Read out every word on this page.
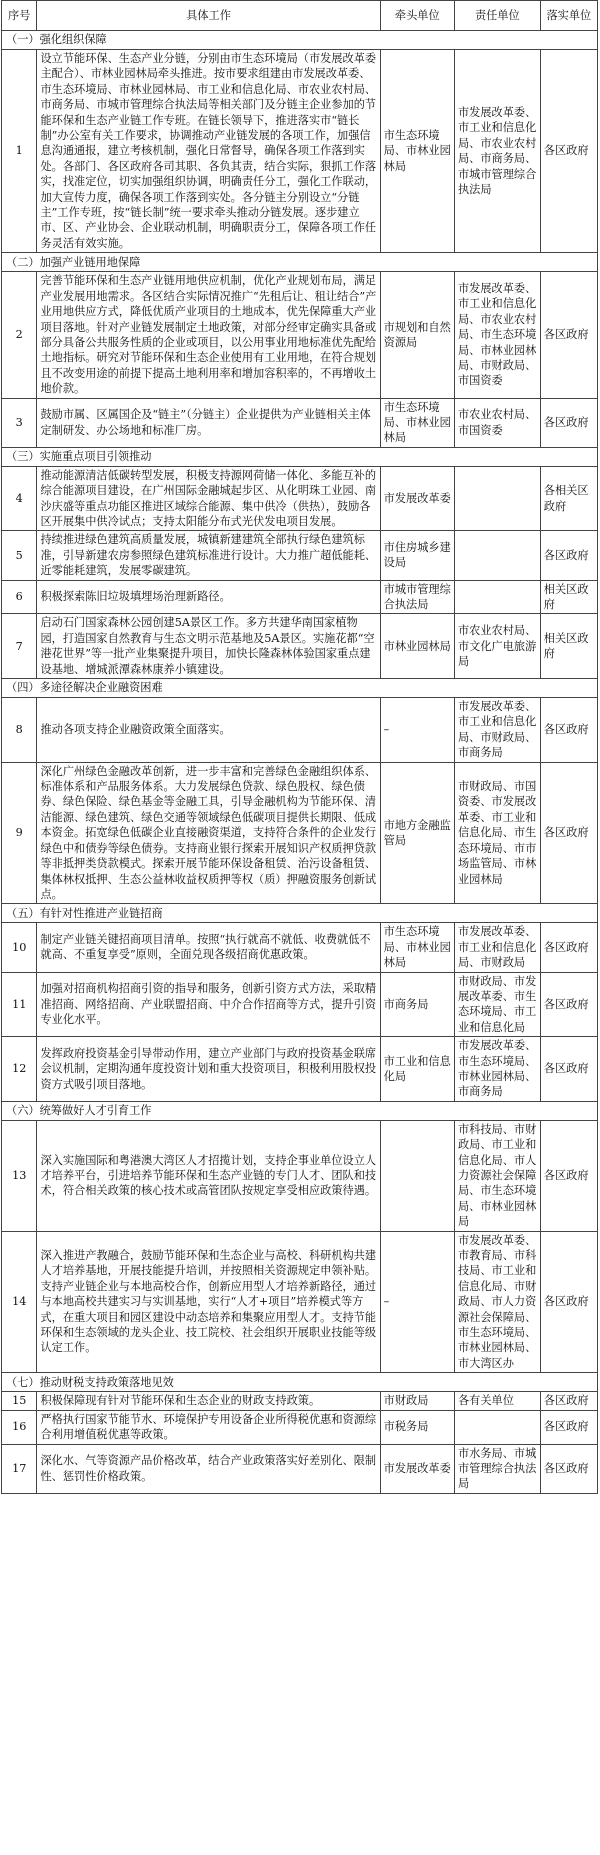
序号	具体工作	牵头单位	责任单位	落实单位
（一）强化组织保障				
1	设立节能环保、生态产业分链，分别由市生态环境局（市发展改革委主配合）、市林业园林局牵头推进。按市要求组建由市发展改革委、市生态环境局、市林业园林局、市工业和信息化局、市农业农村局、市商务局、市城市管理综合执法局等相关部门及分链主企业参加的节能环保和生态产业链工作专班。在链长领导下，推进落实市“链长制”办公室有关工作要求，协调推动产业链发展的各项工作，加强信息沟通通报，建立考核机制，强化日常督导，确保各项工作落到实处。各部门、各区政府各司其职、各负其责，结合实际，狠抓工作落实，找准定位，切实加强组织协调，明确责任分工，强化工作联动，加大宣传力度，确保各项工作落到实处。各分链主分别设立“分链主”工作专班，按“链长制”统一要求牵头推动分链发展。逐步建立市、区、产业协会、企业联动机制，明确职责分工，保障各项工作任务灵活有效实施。	市生态环境局、市林业园林局	市发展改革委、市工业和信息化局、市农业农村局、市商务局、市城市管理综合执法局	各区政府
（二）加强产业链用地保障				
2	完善节能环保和生态产业链用地供应机制，优化产业规划布局，满足产业发展用地需求。各区结合实际情况推广“先租后让、租让结合”产业用地供应方式，降低优质产业项目的土地成本，优先保障重大产业项目落地。针对产业链发展制定土地政策，对部分经审定确实具备或部分具备公共服务性质的企业或项目，以公用事业用地标准优先配给土地指标。研究对节能环保和生态企业使用有工业用地，在符合规划且不改变用途的前提下提高土地利用率和增加容积率的，不再增收土地价款。	市规划和自然资源局	市发展改革委、市工业和信息化局、市农业农村局、市生态环境局、市林业园林局、市财政局、市国资委	各区政府
3	鼓励市属、区属国企及“链主”（分链主）企业提供为产业链相关主体定制研发、办公场地和标准厂房。	市生态环境局、市林业园林局	市农业农村局、市国资委	各区政府
（三）实施重点项目引领推动				
4	推动能源清洁低碳转型发展，积极支持源网荷储一体化、多能互补的综合能源项目建设，在广州国际金融城起步区、从化明珠工业园、南沙庆盛等重点功能区推进区域综合能源、集中供冷（供热），鼓励各区开展集中供冷试点；支持太阳能分布式光伏发电项目发展。	市发展改革委		各相关区政府
5	持续推进绿色建筑高质量发展，城镇新建建筑全部执行绿色建筑标准，引导新建农房参照绿色建筑标准进行设计。大力推广超低能耗、近零能耗建筑，发展零碳建筑。	市住房城乡建设局		各区政府
6	积极探索陈旧垃圾填埋场治理新路径。	市城市管理综合执法局		相关区政府
7	启动石门国家森林公园创建5A景区工作。多方共建华南国家植物园，打造国家自然教育与生态文明示范基地及5A景区。实施花都“空港花世界”等一批产业集聚提升项目，加快长隆森林体验国家重点建设基地、增城派潭森林康养小镇建设。	市林业园林局	市农业农村局、市文化广电旅游局	相关区政府
（四）多途径解决企业融资困难				
8	推动各项支持企业融资政策全面落实。	–	市发展改革委、市工业和信息化局、市财政局、市商务局	各区政府
9	深化广州绿色金融改革创新，进一步丰富和完善绿色金融组织体系、标准体系和产品服务体系。大力发展绿色贷款、绿色股权、绿色债券、绿色保险、绿色基金等金融工具，引导金融机构为节能环保、清洁能源、绿色建筑、绿色交通等领域绿色低碳项目提供长期限、低成本资金。拓宽绿色低碳企业直接融资渠道，支持符合条件的企业发行绿色中和债券等绿色债券。支持商业银行探索开展知识产权质押贷款等非抵押类贷款模式。探索开展节能环保设备租赁、治污设备租赁、集体林权抵押、生态公益林收益权质押等权（质）押融资服务创新试点。	市地方金融监管局	市财政局、市国资委、市发展改革委、市工业和信息化局、市生态环境局、市市场监管局、市林业园林局	各区政府
（五）有针对性推进产业链招商				
10	制定产业链关键招商项目清单。按照“执行就高不就低、收费就低不就高、不重复享受”原则，全面兑现各级招商优惠政策。	市生态环境局、市林业园林局	市发展改革委、市工业和信息化局、市财政局	各区政府
11	加强对招商机构招商引资的指导和服务，创新引资方式方法，采取精准招商、网络招商、产业联盟招商、中介合作招商等方式，提升引资专业化水平。	市商务局	市财政局、市发展改革委、市生态环境局、市工业和信息化局	各区政府
12	发挥政府投资基金引导带动作用，建立产业部门与政府投资基金联席会议机制，定期沟通年度投资计划和重大投资项目，积极利用股权投资方式吸引项目落地。	市工业和信息化局	市发展改革委、市生态环境局、市林业园林局、市商务局	各区政府
（六）统筹做好人才引育工作				
13	深入实施国际和粤港澳大湾区人才招揽计划，支持企事业单位设立人才培养平台，引进培养节能环保和生态产业链的专门人才、团队和技术，符合相关政策的核心技术或高管团队按规定享受相应政策待遇。		市科技局、市财政局、市工业和信息化局、市人力资源社会保障局、市生态环境局、市林业园林局	各区政府
14	深入推进产教融合，鼓励节能环保和生态企业与高校、科研机构共建人才培养基地，开展技能提升培训，并按照相关资源规定申领补贴。支持产业链企业与本地高校合作，创新应用型人才培养新路径，通过与本地高校共建实习与实训基地，实行“人才+项目”培养模式等方式，在重大项目和园区建设中动态培养和集聚应用型人才。支持节能环保和生态领域的龙头企业、技工院校、社会组织开展职业技能等级认定工作。	–	市发展改革委、市教育局、市科技局、市工业和信息化局、市财政局、市人力资源社会保障局、市生态环境局、市林业园林局、市大湾区办	各区政府
（七）推动财税支持政策落地见效				
15	积极保障现有针对节能环保和生态企业的财政支持政策。	市财政局	各有关单位	各区政府
16	严格执行国家节能节水、环境保护专用设备企业所得税优惠和资源综合利用增值税优惠等政策。	市税务局		各区政府
17	深化水、气等资源产品价格改革，结合产业政策落实好差别化、限制性、惩罚性价格政策。	市发展改革委	市水务局、市城市管理综合执法局	各区政府
